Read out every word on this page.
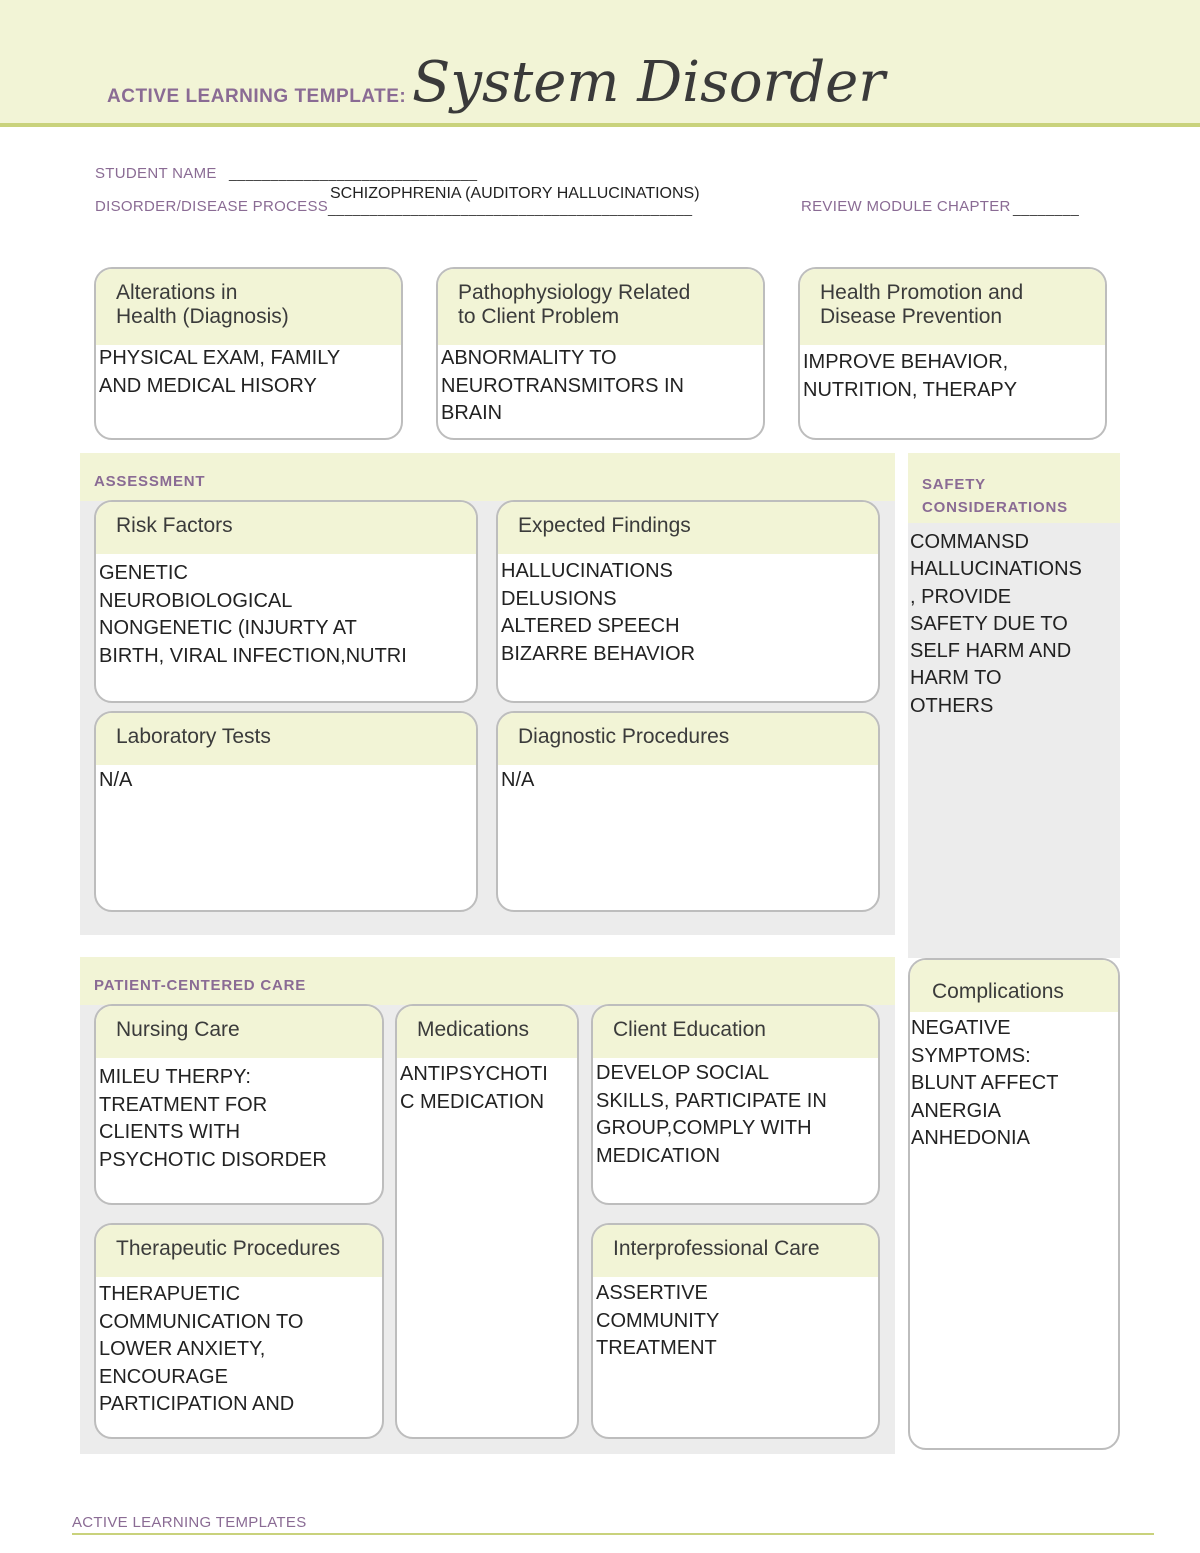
ACTIVE LEARNING TEMPLATE: System Disorder
STUDENT NAME ______________________________
DISORDER/DISEASE PROCESS
SCHIZOPHRENIA (AUDITORY HALLUCINATIONS)
____________________________________________	REVIEW MODULE CHAPTER ________
Alterations in
Health (Diagnosis)
PHYSICAL EXAM, FAMILY
AND MEDICAL HISORY
Pathophysiology Related
to Client Problem
ABNORMALITY TO
NEUROTRANSMITORS IN
BRAIN
Health Promotion and
Disease Prevention
IMPROVE BEHAVIOR,
NUTRITION, THERAPY
ASSESSMENT
Risk Factors
GENETIC
NEUROBIOLOGICAL
NONGENETIC (INJURTY AT
BIRTH, VIRAL INFECTION,NUTRI
Expected Findings
HALLUCINATIONS
DELUSIONS
ALTERED SPEECH
BIZARRE BEHAVIOR
Laboratory Tests
N/A
Diagnostic Procedures
N/A
SAFETY
CONSIDERATIONS
COMMANSD
HALLUCINATIONS
, PROVIDE
SAFETY DUE TO
SELF HARM AND
HARM TO
OTHERS
PATIENT-CENTERED CARE
Nursing Care
MILEU THERPY:
TREATMENT FOR
CLIENTS WITH
PSYCHOTIC DISORDER
Medications
ANTIPSYCHOTI
C MEDICATION
Client Education
DEVELOP SOCIAL
SKILLS, PARTICIPATE IN
GROUP,COMPLY WITH
MEDICATION
Therapeutic Procedures
THERAPUETIC
COMMUNICATION TO
LOWER ANXIETY,
ENCOURAGE
PARTICIPATION AND
Interprofessional Care
ASSERTIVE
COMMUNITY
TREATMENT
Complications
NEGATIVE
SYMPTOMS:
BLUNT AFFECT
ANERGIA
ANHEDONIA
ACTIVE LEARNING TEMPLATES
